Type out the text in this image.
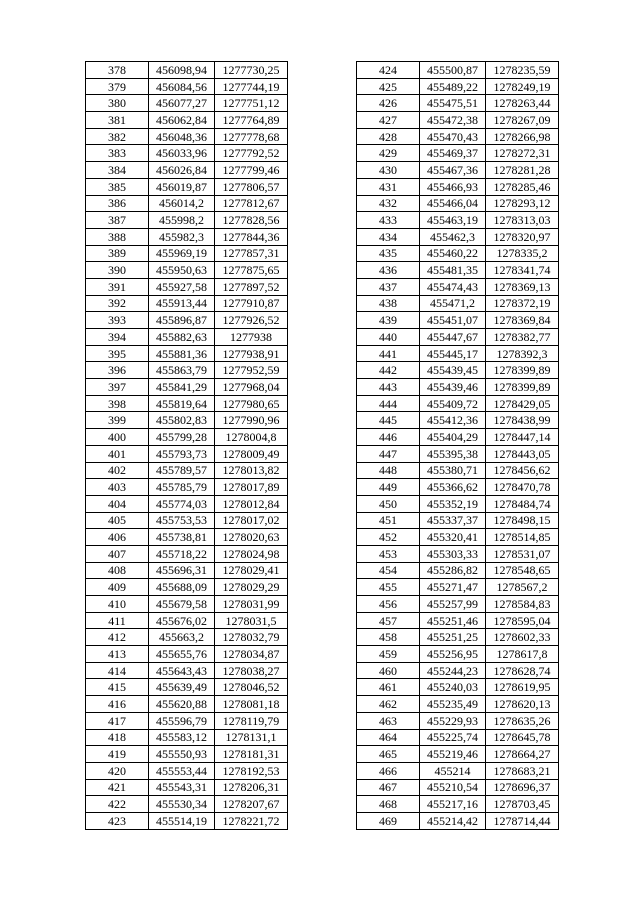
378	456098,94	1277730,25
379	456084,56	1277744,19
380	456077,27	1277751,12
381	456062,84	1277764,89
382	456048,36	1277778,68
383	456033,96	1277792,52
384	456026,84	1277799,46
385	456019,87	1277806,57
386	456014,2	1277812,67
387	455998,2	1277828,56
388	455982,3	1277844,36
389	455969,19	1277857,31
390	455950,63	1277875,65
391	455927,58	1277897,52
392	455913,44	1277910,87
393	455896,87	1277926,52
394	455882,63	1277938
395	455881,36	1277938,91
396	455863,79	1277952,59
397	455841,29	1277968,04
398	455819,64	1277980,65
399	455802,83	1277990,96
400	455799,28	1278004,8
401	455793,73	1278009,49
402	455789,57	1278013,82
403	455785,79	1278017,89
404	455774,03	1278012,84
405	455753,53	1278017,02
406	455738,81	1278020,63
407	455718,22	1278024,98
408	455696,31	1278029,41
409	455688,09	1278029,29
410	455679,58	1278031,99
411	455676,02	1278031,5
412	455663,2	1278032,79
413	455655,76	1278034,87
414	455643,43	1278038,27
415	455639,49	1278046,52
416	455620,88	1278081,18
417	455596,79	1278119,79
418	455583,12	1278131,1
419	455550,93	1278181,31
420	455553,44	1278192,53
421	455543,31	1278206,31
422	455530,34	1278207,67
423	455514,19	1278221,72
424	455500,87	1278235,59
425	455489,22	1278249,19
426	455475,51	1278263,44
427	455472,38	1278267,09
428	455470,43	1278266,98
429	455469,37	1278272,31
430	455467,36	1278281,28
431	455466,93	1278285,46
432	455466,04	1278293,12
433	455463,19	1278313,03
434	455462,3	1278320,97
435	455460,22	1278335,2
436	455481,35	1278341,74
437	455474,43	1278369,13
438	455471,2	1278372,19
439	455451,07	1278369,84
440	455447,67	1278382,77
441	455445,17	1278392,3
442	455439,45	1278399,89
443	455439,46	1278399,89
444	455409,72	1278429,05
445	455412,36	1278438,99
446	455404,29	1278447,14
447	455395,38	1278443,05
448	455380,71	1278456,62
449	455366,62	1278470,78
450	455352,19	1278484,74
451	455337,37	1278498,15
452	455320,41	1278514,85
453	455303,33	1278531,07
454	455286,82	1278548,65
455	455271,47	1278567,2
456	455257,99	1278584,83
457	455251,46	1278595,04
458	455251,25	1278602,33
459	455256,95	1278617,8
460	455244,23	1278628,74
461	455240,03	1278619,95
462	455235,49	1278620,13
463	455229,93	1278635,26
464	455225,74	1278645,78
465	455219,46	1278664,27
466	455214	1278683,21
467	455210,54	1278696,37
468	455217,16	1278703,45
469	455214,42	1278714,44
